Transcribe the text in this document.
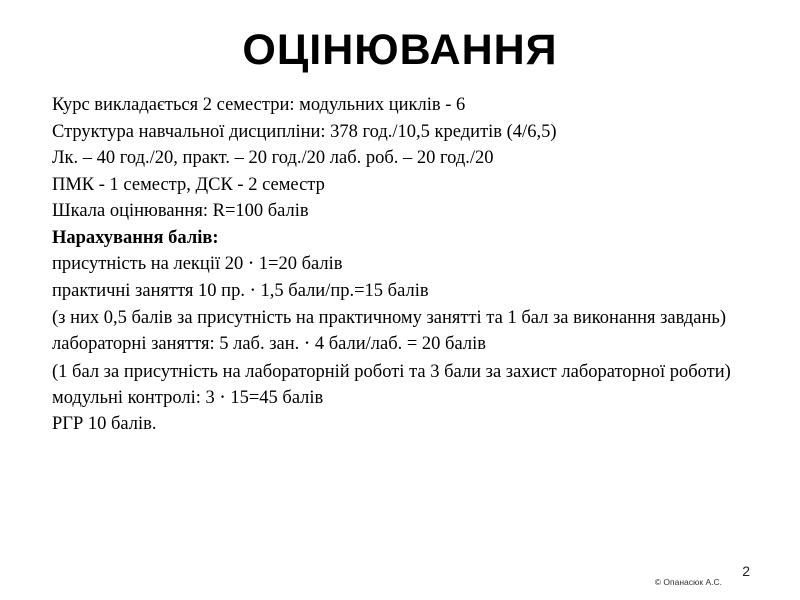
ОЦІНЮВАННЯ
Курс викладається 2 семестри: модульних циклів - 6
Структура навчальної дисципліни: 378 год./10,5 кредитів (4/6,5)
Лк. – 40 год./20, практ. – 20 год./20 лаб. роб. – 20 год./20
ПМК - 1 семестр, ДСК - 2 семестр
Шкала оцінювання: R=100 балів
Нарахування балів:
присутність на лекції 20 ⋅ 1=20 балів
практичні заняття 10 пр. ⋅ 1,5 бали/пр.=15 балів
(з них 0,5 балів за присутність на практичному занятті та 1 бал за виконання завдань)
лабораторні заняття: 5 лаб. зан. ⋅ 4 бали/лаб. = 20 балів
(1 бал за присутність на лабораторній роботі та 3 бали за захист лабораторної роботи)
модульні контролі: 3 ⋅ 15=45 балів
РГР 10 балів.
2
© Опанасюк А.С.
